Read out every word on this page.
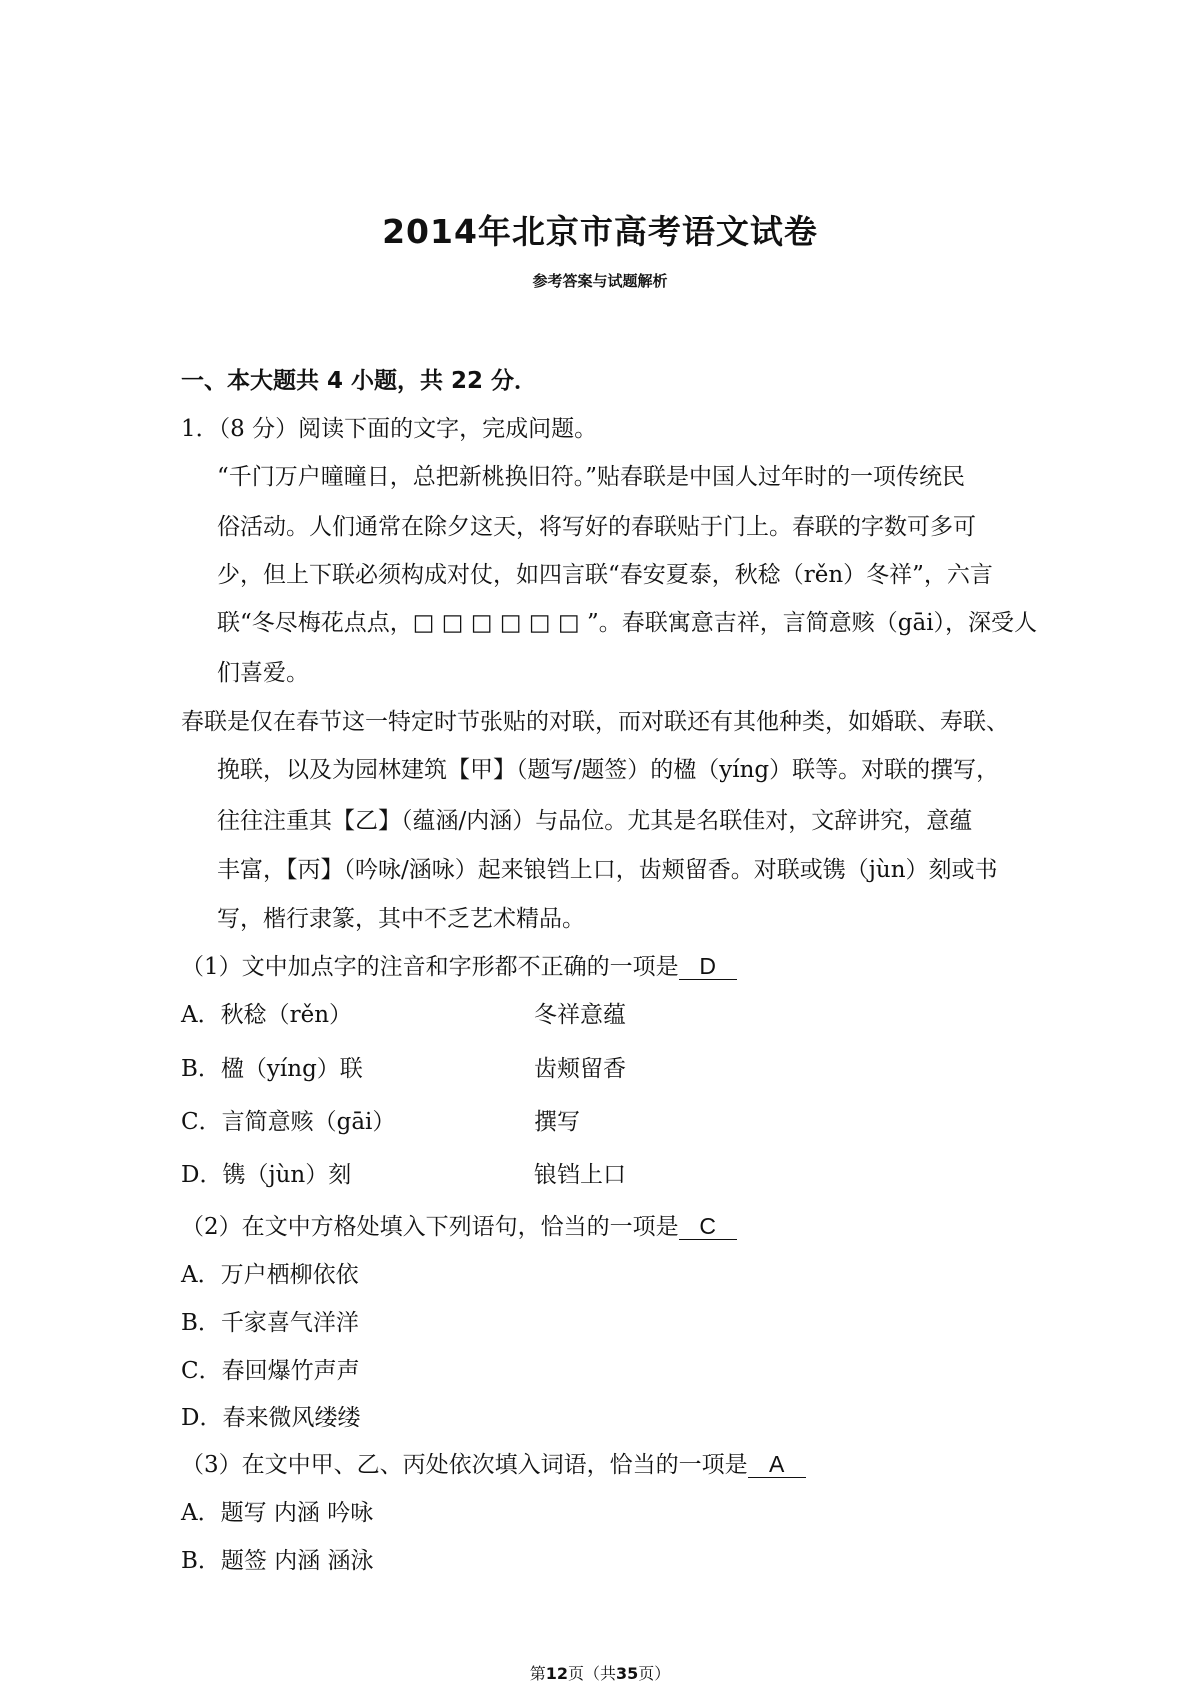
2014年北京市高考语文试卷
参考答案与试题解析
一、本大题共 4 小题，共 22 分．
1．（8 分）阅读下面的文字，完成问题。
“千门万户曈曈日，总把新桃换旧符。”贴春联是中国人过年时的一项传统民
俗活动。人们通常在除夕这天，将写好的春联贴于门上。春联的字数可多可
少，但上下联必须构成对仗，如四言联“春安夏泰，秋稔（rěn）冬祥”，六言
联“冬尽梅花点点，□ □ □ □ □ □ ”。春联寓意吉祥，言简意赅（gāi），深受人
们喜爱。
春联是仅在春节这一特定时节张贴的对联，而对联还有其他种类，如婚联、寿联、
挽联，以及为园林建筑【甲】（题写/题签）的楹（yíng）联等。对联的撰写，
往往注重其【乙】（蕴涵/内涵）与品位。尤其是名联佳对，文辞讲究，意蕴
丰富，【丙】（吟咏/涵咏）起来锒铛上口，齿颊留香。对联或镌（jùn）刻或书
写，楷行隶篆，其中不乏艺术精品。
（1）文中加点字的注音和字形都不正确的一项是 D
A．秋稔（rěn）	冬祥意蕴
B．楹（yíng）联	齿颊留香
C．言简意赅（gāi）	撰写
D．镌（jùn）刻	锒铛上口
（2）在文中方格处填入下列语句，恰当的一项是 C
A．万户栖柳依依
B．千家喜气洋洋
C．春回爆竹声声
D．春来微风缕缕
（3）在文中甲、乙、丙处依次填入词语，恰当的一项是 A
A．题写 内涵 吟咏
B．题签 内涵 涵泳
第12页（共35页）
